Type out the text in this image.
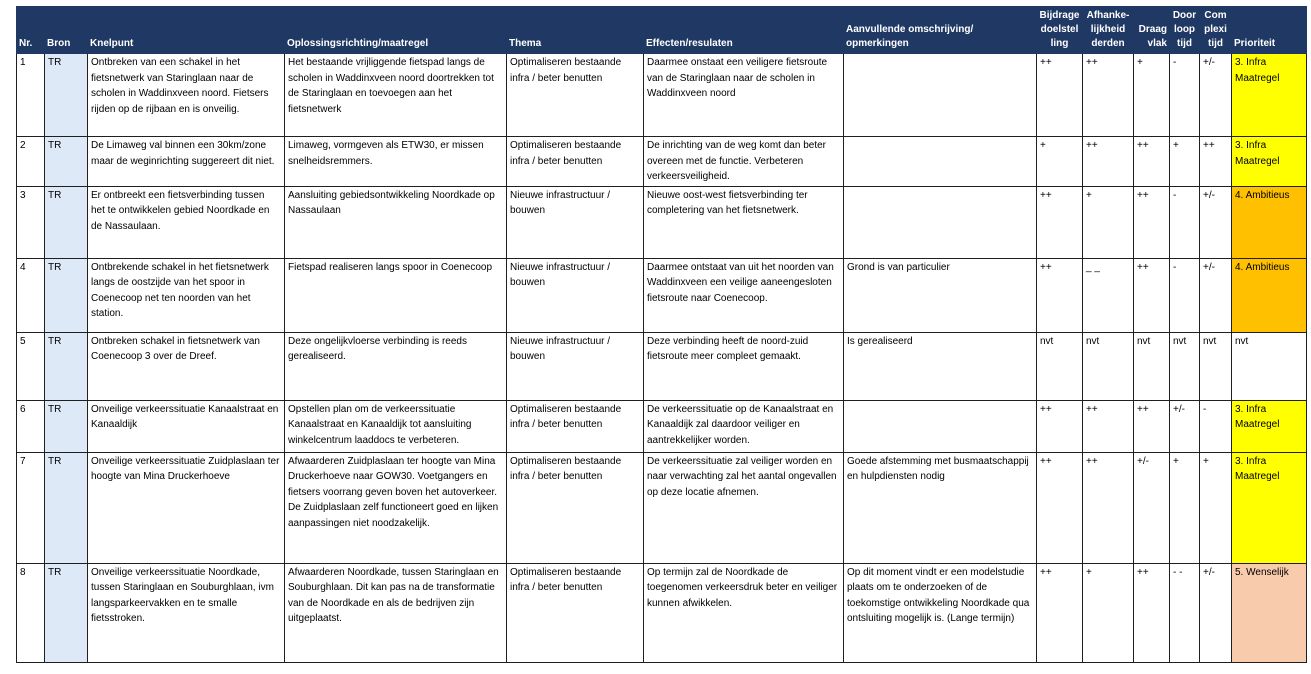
Nr.	Bron	Knelpunt	Oplossingsrichting/maatregel	Thema	Effecten/resulaten	Aanvullende omschrijving/ opmerkingen	Bijdrage doelstel ling	Afhanke- lijkheid derden	Draag vlak	Door loop tijd	Com plexi tijd	Prioriteit
1	TR	Ontbreken van een schakel in het fietsnetwerk van Staringlaan naar de scholen in Waddinxveen noord. Fietsers rijden op de rijbaan en is onveilig.	Het bestaande vrijliggende fietspad langs de scholen in Waddinxveen noord doortrekken tot de Staringlaan en toevoegen aan het fietsnetwerk	Optimaliseren bestaande infra / beter benutten	Daarmee onstaat een veiligere fietsroute van de Staringlaan naar de scholen in Waddinxveen noord		++	++	+	-	+/-	3. Infra
Maatregel

2	TR	De Limaweg val binnen een 30km/zone maar de weginrichting suggereert dit niet.	Limaweg, vormgeven als ETW30, er missen snelheidsremmers.	Optimaliseren bestaande infra / beter benutten	De inrichting van de weg komt dan beter overeen met de functie. Verbeteren verkeersveiligheid.		+	++	++	+	++	3. Infra
Maatregel

3	TR	Er ontbreekt een fietsverbinding tussen het te ontwikkelen gebied Noordkade en de Nassaulaan.	Aansluiting gebiedsontwikkeling Noordkade op Nassaulaan	Nieuwe infrastructuur / bouwen	Nieuwe oost-west fietsverbinding ter completering van het fietsnetwerk.		++	+	++	-	+/-	4. Ambitieus

4	TR	Ontbrekende schakel in het fietsnetwerk langs de oostzijde van het spoor in Coenecoop net ten noorden van het station.	Fietspad realiseren langs spoor in Coenecoop	Nieuwe infrastructuur / bouwen	Daarmee ontstaat van uit het noorden van Waddinxveen een veilige aaneengesloten fietsroute naar Coenecoop.	Grond is van particulier	++	_ _	++	-	+/-	4. Ambitieus

5	TR	Ontbreken schakel in fietsnetwerk van Coenecoop 3 over de Dreef.	Deze ongelijkvloerse verbinding is reeds gerealiseerd.	Nieuwe infrastructuur / bouwen	Deze verbinding heeft de noord-zuid fietsroute meer compleet gemaakt.	Is gerealiseerd	nvt	nvt	nvt	nvt	nvt	nvt

6	TR	Onveilige verkeerssituatie Kanaalstraat en Kanaaldijk	Opstellen plan om de verkeerssituatie Kanaalstraat en Kanaaldijk tot aansluiting winkelcentrum laaddocs te verbeteren.	Optimaliseren bestaande infra / beter benutten	De verkeerssituatie op de Kanaalstraat en Kanaaldijk zal daardoor veiliger en aantrekkelijker worden.		++	++	++	+/-	-	3. Infra
Maatregel

7	TR	Onveilige verkeerssituatie Zuidplaslaan ter hoogte van Mina Druckerhoeve	Afwaarderen Zuidplaslaan ter hoogte van Mina Druckerhoeve naar GOW30. Voetgangers en fietsers voorrang geven boven het autoverkeer. De Zuidplaslaan zelf functioneert goed en lijken aanpassingen niet noodzakelijk.	Optimaliseren bestaande infra / beter benutten	De verkeerssituatie zal veiliger worden en naar verwachting zal het aantal ongevallen op deze locatie afnemen.	Goede afstemming met busmaatschappij en hulpdiensten nodig	++	++	+/-	+	+	3. Infra
Maatregel

8	TR	Onveilige verkeerssituatie Noordkade, tussen Staringlaan en Souburghlaan, ivm langsparkeervakken en te smalle fietsstroken.	Afwaarderen Noordkade, tussen Staringlaan en Souburghlaan. Dit kan pas na de transformatie van de Noordkade en als de bedrijven zijn uitgeplaatst.	Optimaliseren bestaande infra / beter benutten	Op termijn zal de Noordkade de toegenomen verkeersdruk beter en veiliger kunnen afwikkelen.	Op dit moment vindt er een modelstudie plaats om te onderzoeken of de toekomstige ontwikkeling Noordkade qua ontsluiting mogelijk is. (Lange termijn)	++	+	++	- -	+/-	5. Wenselijk
